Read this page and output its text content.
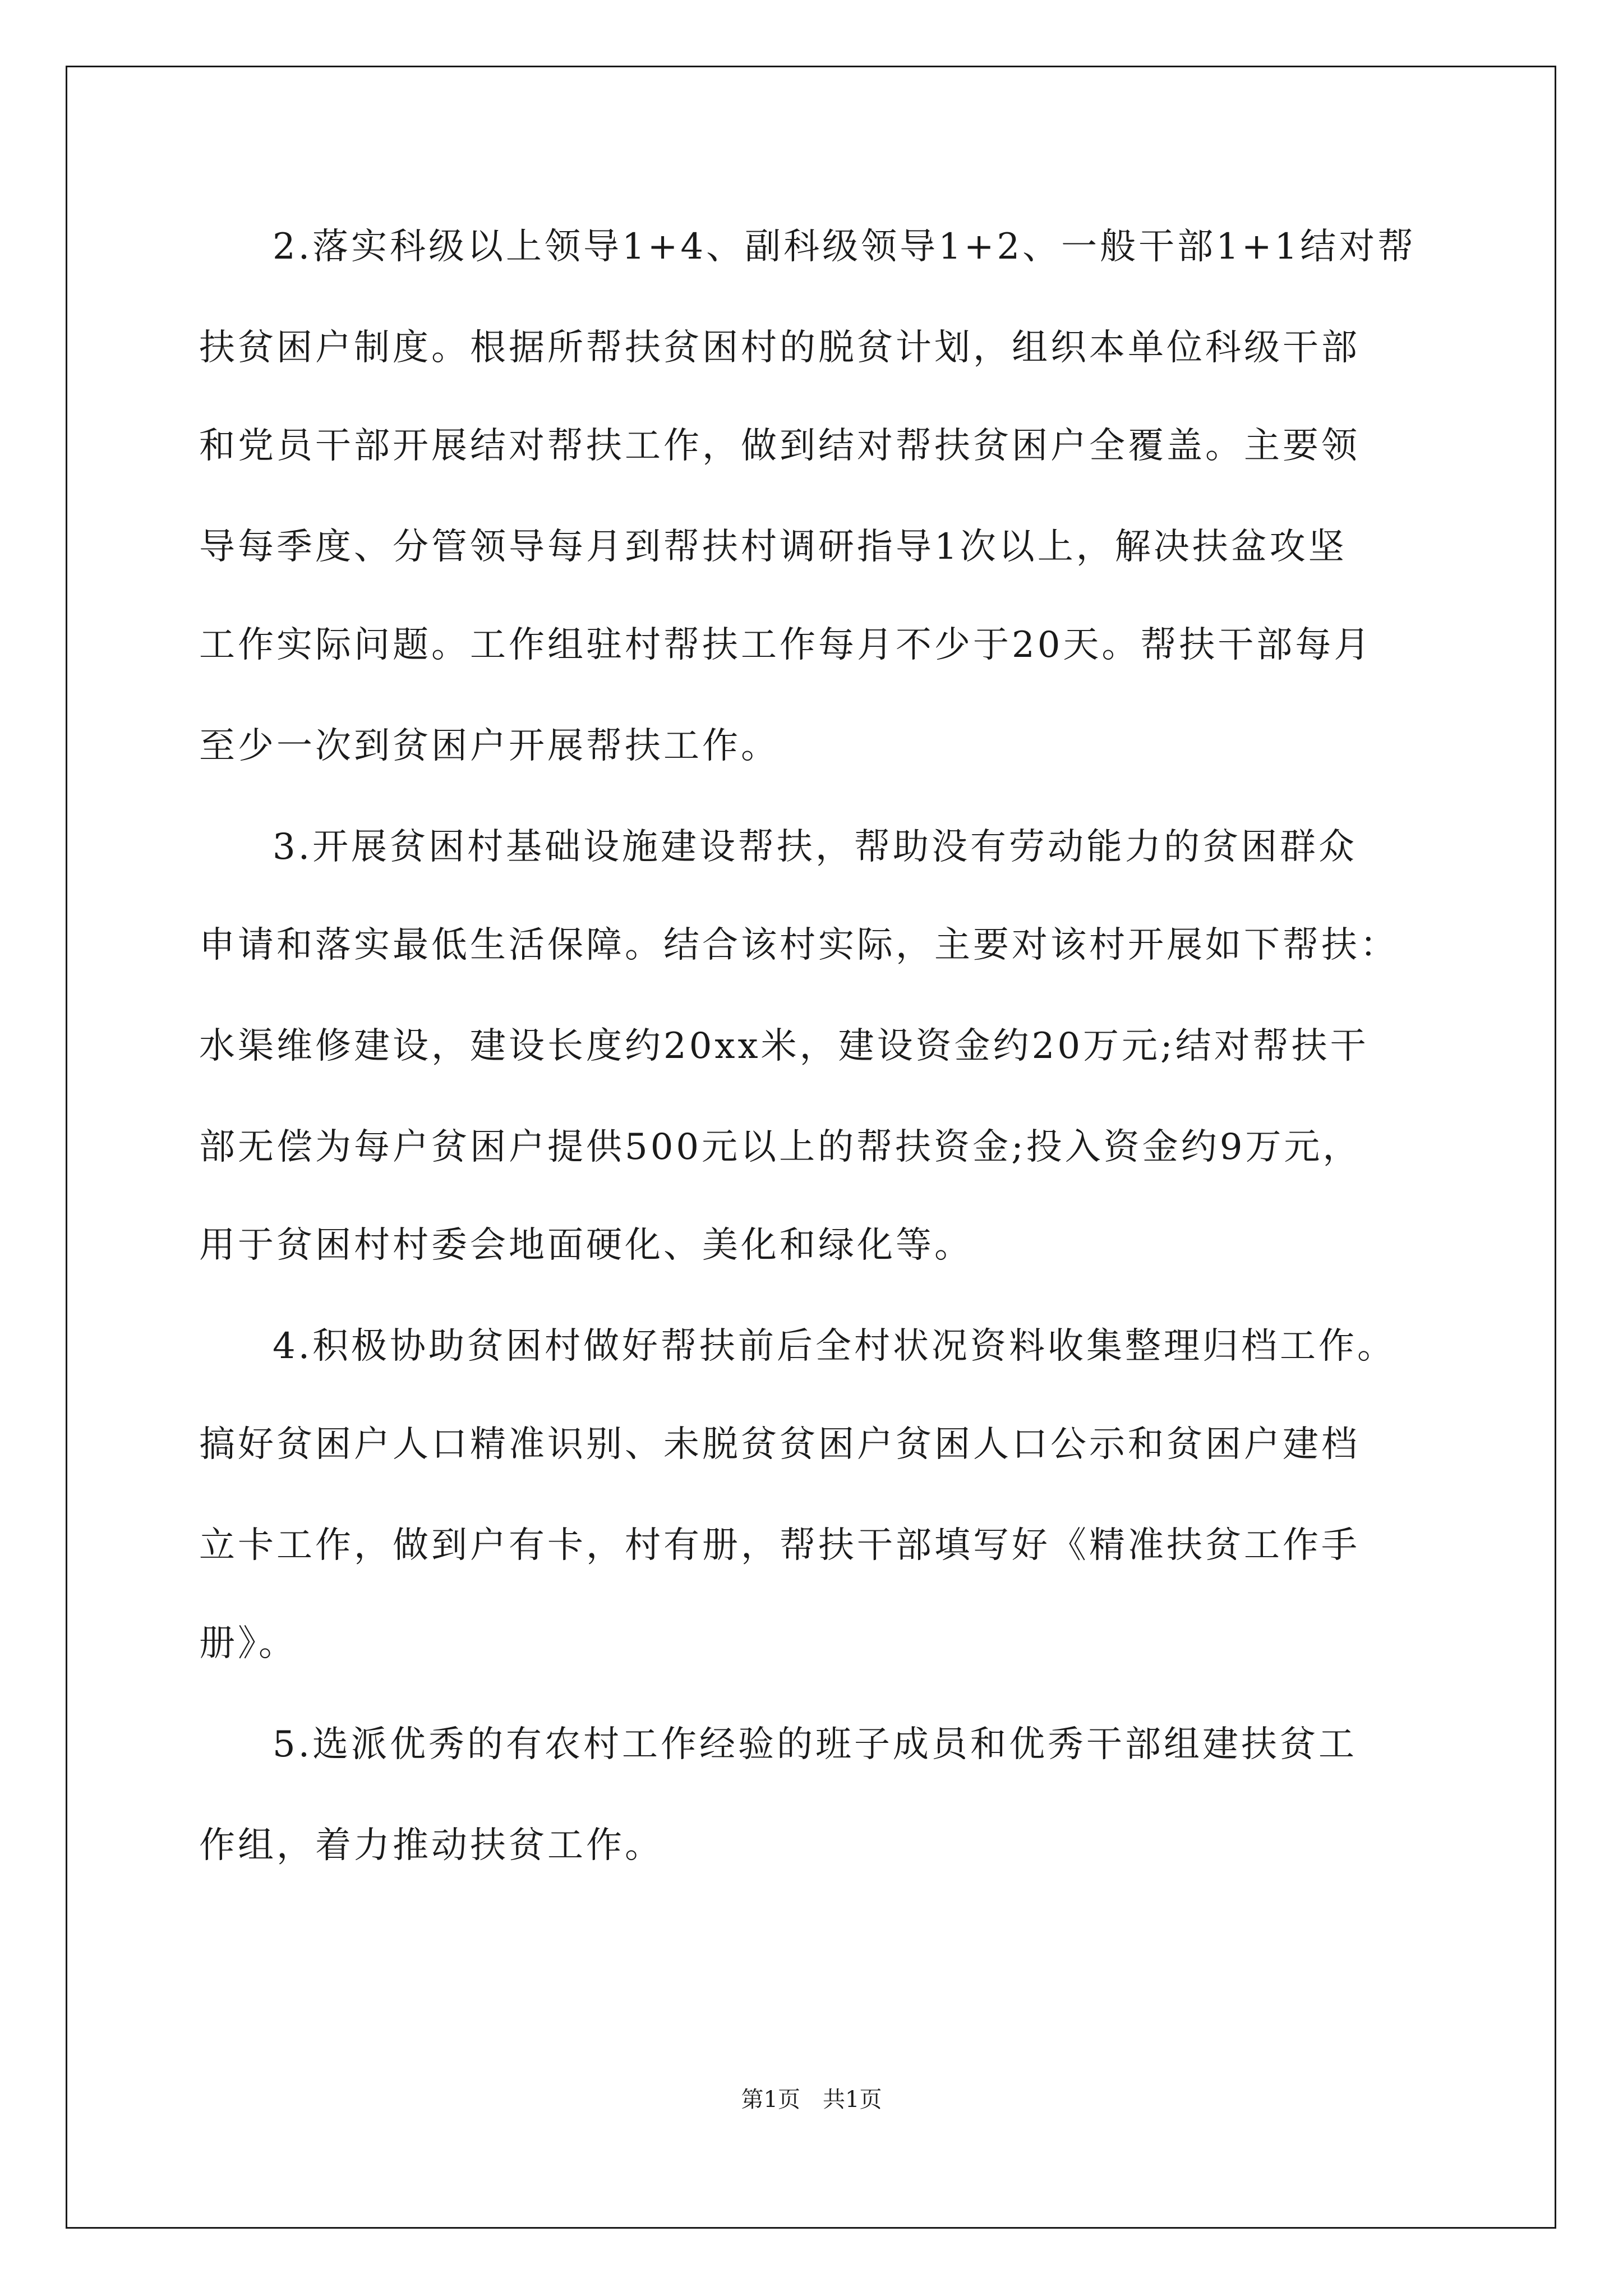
2.落实科级以上领导1+4、副科级领导1+2、一般干部1+1结对帮
扶贫困户制度。根据所帮扶贫困村的脱贫计划，组织本单位科级干部
和党员干部开展结对帮扶工作，做到结对帮扶贫困户全覆盖。主要领
导每季度、分管领导每月到帮扶村调研指导1次以上，解决扶盆攻坚
工作实际问题。工作组驻村帮扶工作每月不少于20天。帮扶干部每月
至少一次到贫困户开展帮扶工作。
3.开展贫困村基础设施建设帮扶，帮助没有劳动能力的贫困群众
申请和落实最低生活保障。结合该村实际，主要对该村开展如下帮扶：
水渠维修建设，建设长度约20xx米，建设资金约20万元;结对帮扶干
部无偿为每户贫困户提供500元以上的帮扶资金;投入资金约9万元，
用于贫困村村委会地面硬化、美化和绿化等。
4.积极协助贫困村做好帮扶前后全村状况资料收集整理归档工作。
搞好贫困户人口精准识别、未脱贫贫困户贫困人口公示和贫困户建档
立卡工作，做到户有卡，村有册，帮扶干部填写好《精准扶贫工作手
册》。
5.选派优秀的有农村工作经验的班子成员和优秀干部组建扶贫工
作组，着力推动扶贫工作。
第1页　共1页
